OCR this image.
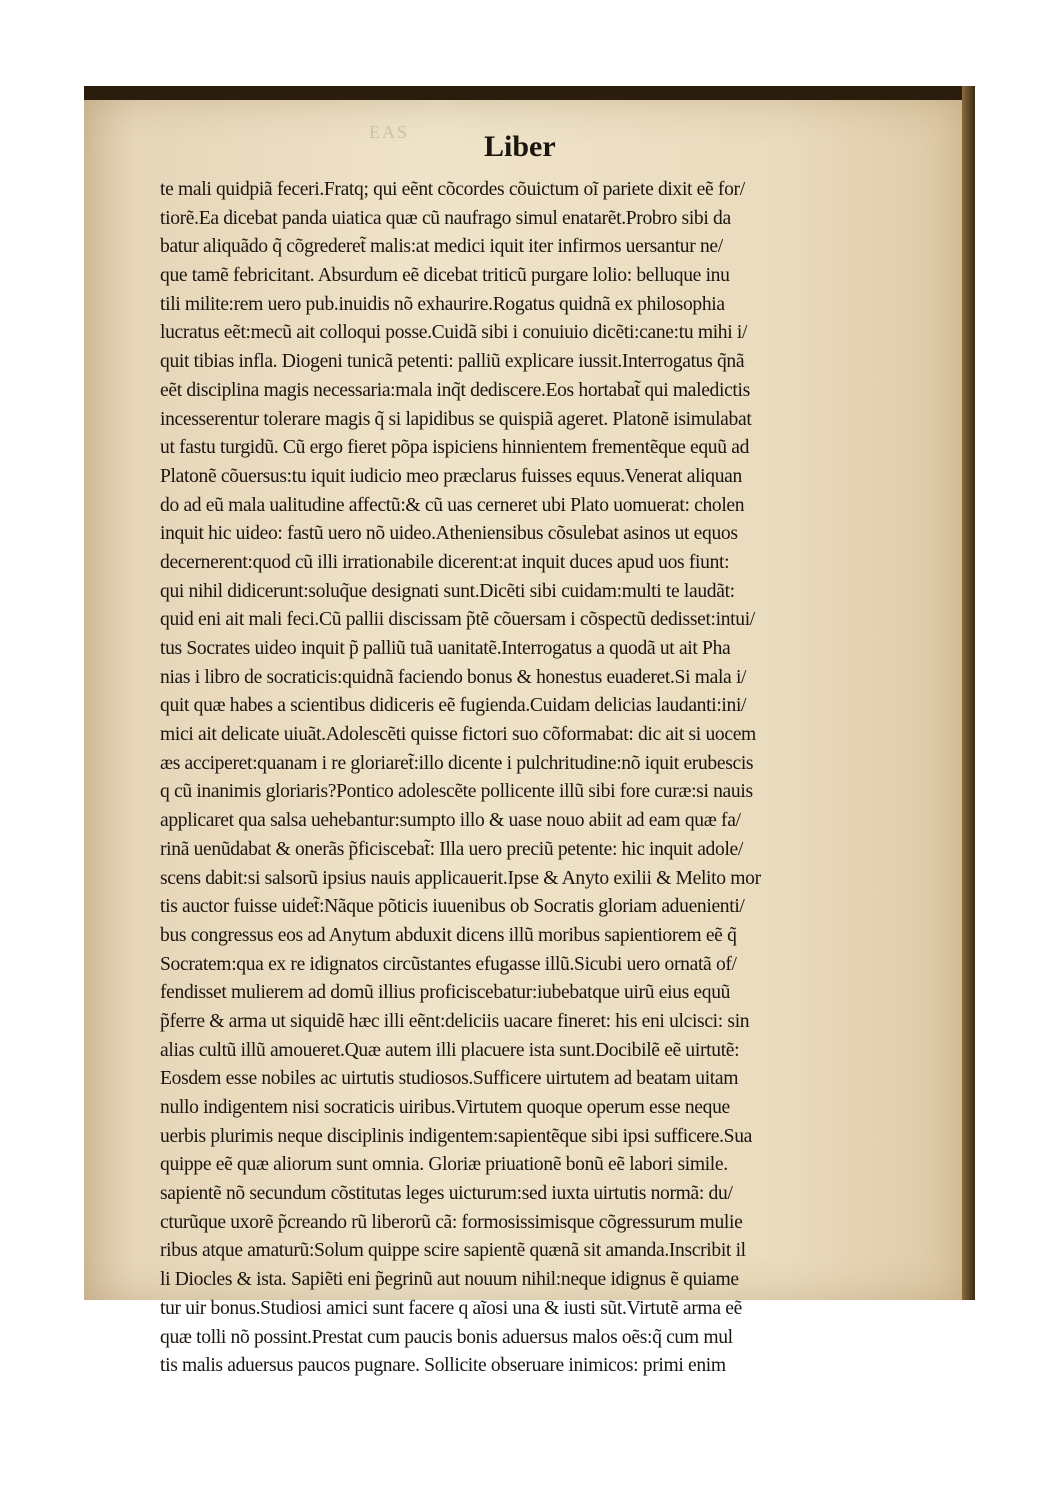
EAS Liber
te mali quidpiã feceri.Fratq; qui eẽnt cõcordes cõuictum oĩ pariete dixit eẽ for/
tiorẽ.Ea dicebat panda uiatica quæ cũ naufrago simul enatarẽt.Probro sibi da
batur aliquãdo q̃ cõgrederet̃ malis:at medici iquit iter infirmos uersantur ne/
que tamẽ febricitant. Absurdum eẽ dicebat triticũ purgare lolio: belluque inu
tili milite:rem uero pub.inuidis nõ exhaurire.Rogatus quidnã ex philosophia
lucratus eẽt:mecũ ait colloqui posse.Cuidã sibi i conuiuio dicẽti:cane:tu mihi i/
quit tibias infla. Diogeni tunicã petenti: palliũ explicare iussit.Interrogatus q̃nã
eẽt disciplina magis necessaria:mala inq̃t dediscere.Eos hortabat̃ qui maledictis
incesserentur tolerare magis q̃ si lapidibus se quispiã ageret. Platonẽ isimulabat
ut fastu turgidũ. Cũ ergo fieret põpa ispiciens hinnientem frementẽque equũ ad
Platonẽ cõuersus:tu iquit iudicio meo præclarus fuisses equus.Venerat aliquan
do ad eũ mala ualitudine affectũ:& cũ uas cerneret ubi Plato uomuerat: cholen
inquit hic uideo: fastũ uero nõ uideo.Atheniensibus cõsulebat asinos ut equos
decernerent:quod cũ illi irrationabile dicerent:at inquit duces apud uos fiunt:
qui nihil didicerunt:soluq̃ue designati sunt.Dicẽti sibi cuidam:multi te laudãt:
quid eni ait mali feci.Cũ pallii discissam p̃tẽ cõuersam i cõspectũ dedisset:intui/
tus Socrates uideo inquit p̃ palliũ tuã uanitatẽ.Interrogatus a quodã ut ait Pha
nias i libro de socraticis:quidnã faciendo bonus & honestus euaderet.Si mala i/
quit quæ habes a scientibus didiceris eẽ fugienda.Cuidam delicias laudanti:ini/
mici ait delicate uiuãt.Adolescẽti quisse fictori suo cõformabat: dic ait si uocem
æs acciperet:quanam i re gloriaret̃:illo dicente i pulchritudine:nõ iquit erubescis
q cũ inanimis gloriaris?Pontico adolescẽte pollicente illũ sibi fore curæ:si nauis
applicaret qua salsa uehebantur:sumpto illo & uase nouo abiit ad eam quæ fa/
rinã uenũdabat & onerãs p̃ficiscebat̃: Illa uero preciũ petente: hic inquit adole/
scens dabit:si salsorũ ipsius nauis applicauerit.Ipse & Anyto exilii & Melito mor
tis auctor fuisse uidet̃:Nãque põticis iuuenibus ob Socratis gloriam aduenienti/
bus congressus eos ad Anytum abduxit dicens illũ moribus sapientiorem eẽ q̃
Socratem:qua ex re idignatos circũstantes efugasse illũ.Sicubi uero ornatã of/
fendisset mulierem ad domũ illius proficiscebatur:iubebatque uirũ eius equũ
p̃ferre & arma ut siquidẽ hæc illi eẽnt:deliciis uacare fineret: his eni ulcisci: sin
alias cultũ illũ amoueret.Quæ autem illi placuere ista sunt.Docibilẽ eẽ uirtutẽ:
Eosdem esse nobiles ac uirtutis studiosos.Sufficere uirtutem ad beatam uitam
nullo indigentem nisi socraticis uiribus.Virtutem quoque operum esse neque
uerbis plurimis neque disciplinis indigentem:sapientẽque sibi ipsi sufficere.Sua
quippe eẽ quæ aliorum sunt omnia. Gloriæ priuationẽ bonũ eẽ labori simile.
sapientẽ nõ secundum cõstitutas leges uicturum:sed iuxta uirtutis normã: du/
cturũque uxorẽ p̃creando rũ liberorũ cã: formosissimisque cõgressurum mulie
ribus atque amaturũ:Solum quippe scire sapientẽ quænã sit amanda.Inscribit il
li Diocles & ista. Sapiẽti eni p̃egrinũ aut nouum nihil:neque idignus ẽ quiame
tur uir bonus.Studiosi amici sunt facere q aĩosi una & iusti sũt.Virtutẽ arma eẽ
quæ tolli nõ possint.Prestat cum paucis bonis aduersus malos oẽs:q̃ cum mul
tis malis aduersus paucos pugnare. Sollicite obseruare inimicos: primi enim
